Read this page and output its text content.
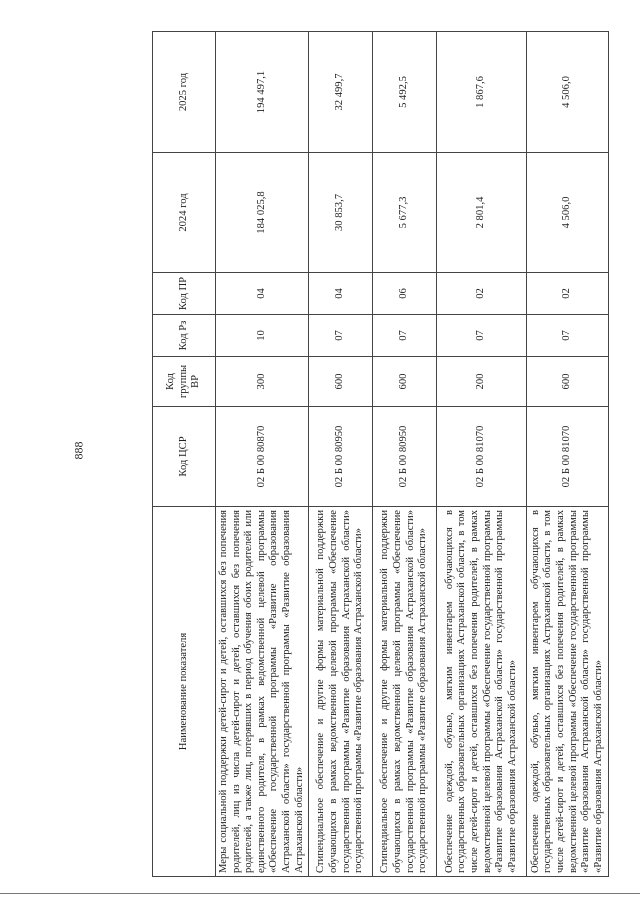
888
Наименование показателя	Код ЦСР	Код группы ВР	Код Рз	Код ПР	2024 год	2025 год
Меры социальной поддержки детей-сирот и детей, оставшихся без попечения родителей, лиц из числа детей-сирот и детей, оставшихся без попечения родителей, а также лиц, потерявших в период обучения обоих родителей или единственного родителя, в рамках ведомственной целевой программы «Обеспечение государственной программы «Развитие образования Астраханской области» государственной программы «Развитие образования Астраханской области»	02 Б 00 80870	300	10	04	184 025,8	194 497,1
Стипендиальное обеспечение и другие формы материальной поддержки обучающихся в рамках ведомственной целевой программы «Обеспечение государственной программы «Развитие образования Астраханской области» государственной программы «Развитие образования Астраханской области»	02 Б 00 80950	600	07	04	30 853,7	32 499,7
Стипендиальное обеспечение и другие формы материальной поддержки обучающихся в рамках ведомственной целевой программы «Обеспечение государственной программы «Развитие образования Астраханской области» государственной программы «Развитие образования Астраханской области»	02 Б 00 80950	600	07	06	5 677,3	5 492,5
Обеспечение одеждой, обувью, мягким инвентарем обучающихся в государственных образовательных организациях Астраханской области, в том числе детей-сирот и детей, оставшихся без попечения родителей, в рамках ведомственной целевой программы «Обеспечение государственной программы «Развитие образования Астраханской области» государственной программы «Развитие образования Астраханской области»	02 Б 00 81070	200	07	02	2 801,4	1 867,6
Обеспечение одеждой, обувью, мягким инвентарем обучающихся в государственных образовательных организациях Астраханской области, в том числе детей-сирот и детей, оставшихся без попечения родителей, в рамках ведомственной целевой программы «Обеспечение государственной программы «Развитие образования Астраханской области» государственной программы «Развитие образования Астраханской области»	02 Б 00 81070	600	07	02	4 506,0	4 506,0
